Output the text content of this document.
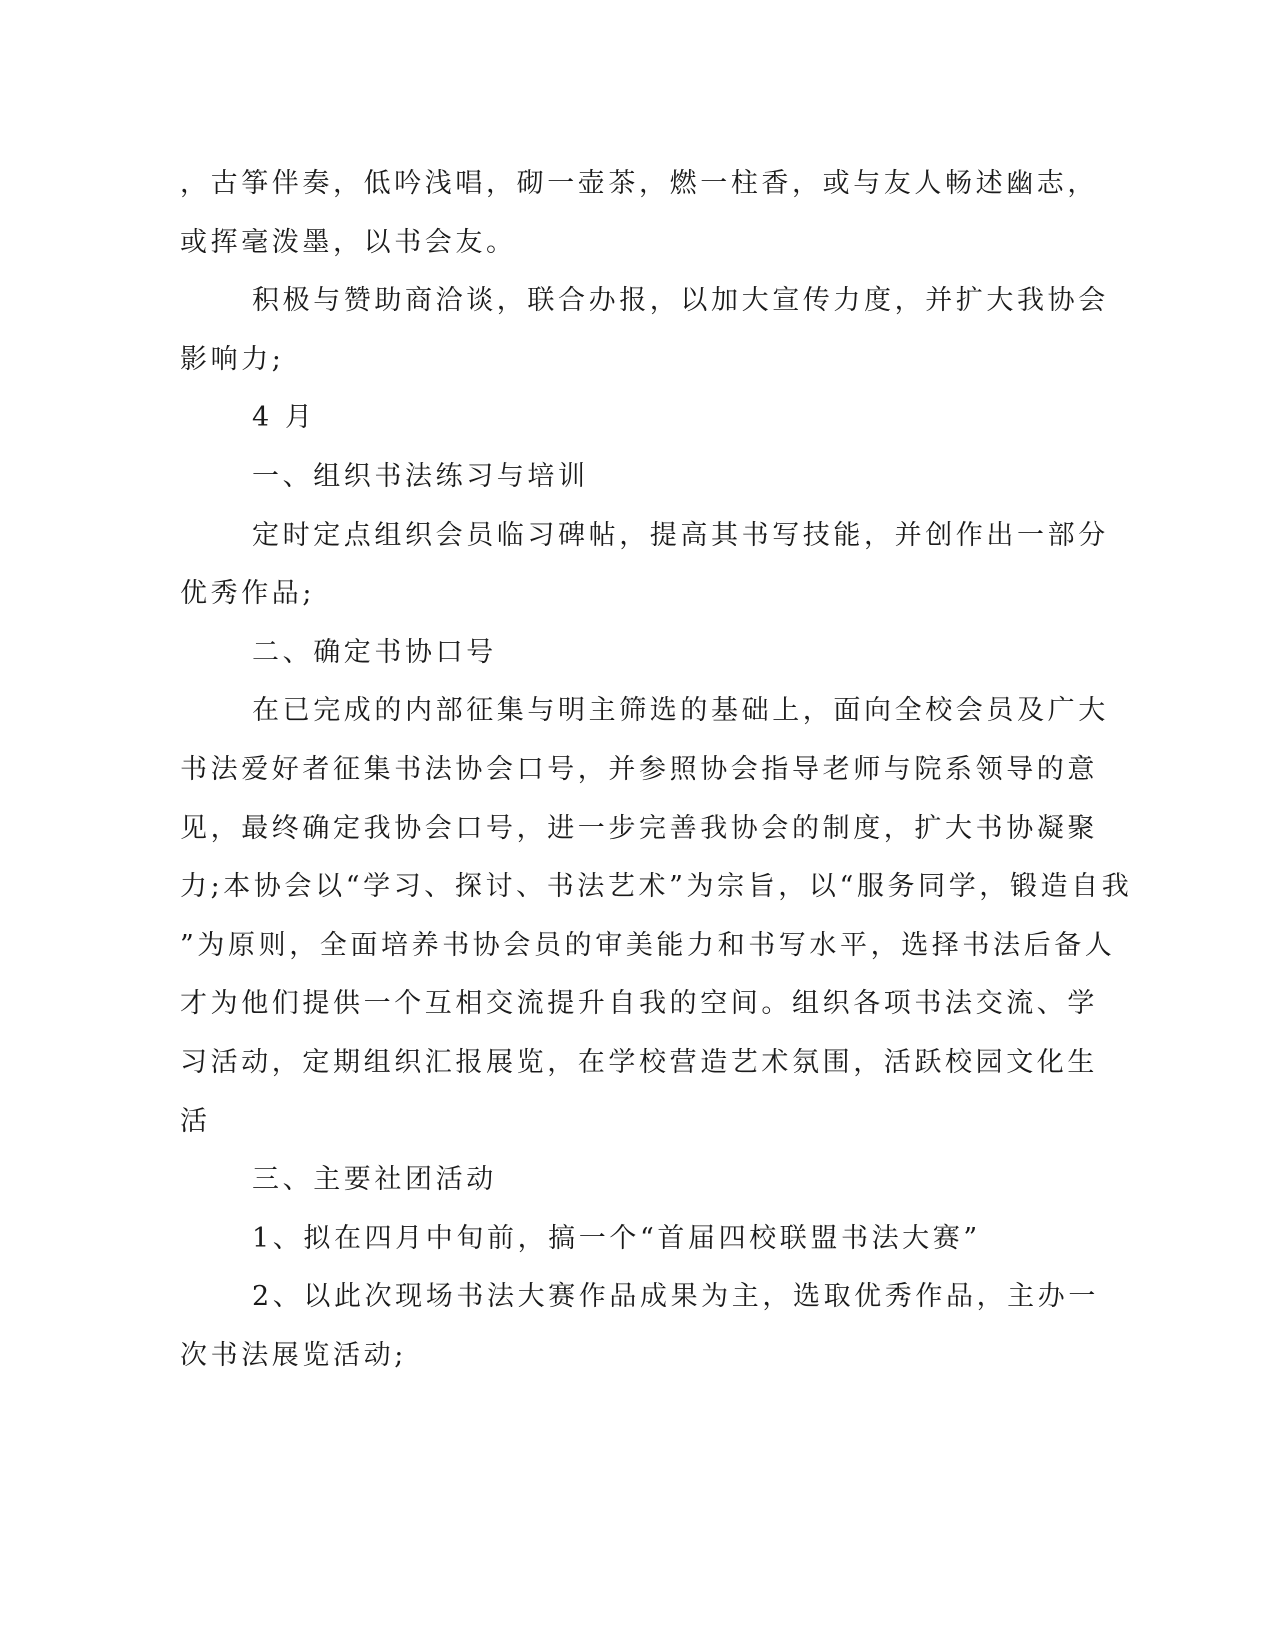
，古筝伴奏，低吟浅唱，砌一壶茶，燃一柱香，或与友人畅述幽志，
或挥毫泼墨，以书会友。
积极与赞助商洽谈，联合办报，以加大宣传力度，并扩大我协会
影响力;
4 月
一、组织书法练习与培训
定时定点组织会员临习碑帖，提高其书写技能，并创作出一部分
优秀作品;
二、确定书协口号
在已完成的内部征集与明主筛选的基础上，面向全校会员及广大
书法爱好者征集书法协会口号，并参照协会指导老师与院系领导的意
见，最终确定我协会口号，进一步完善我协会的制度，扩大书协凝聚
力;本协会以“学习、探讨、书法艺术”为宗旨，以“服务同学，锻造自我
”为原则，全面培养书协会员的审美能力和书写水平，选择书法后备人
才为他们提供一个互相交流提升自我的空间。组织各项书法交流、学
习活动，定期组织汇报展览，在学校营造艺术氛围，活跃校园文化生
活
三、主要社团活动
1、拟在四月中旬前，搞一个“首届四校联盟书法大赛”
2、以此次现场书法大赛作品成果为主，选取优秀作品，主办一
次书法展览活动;
